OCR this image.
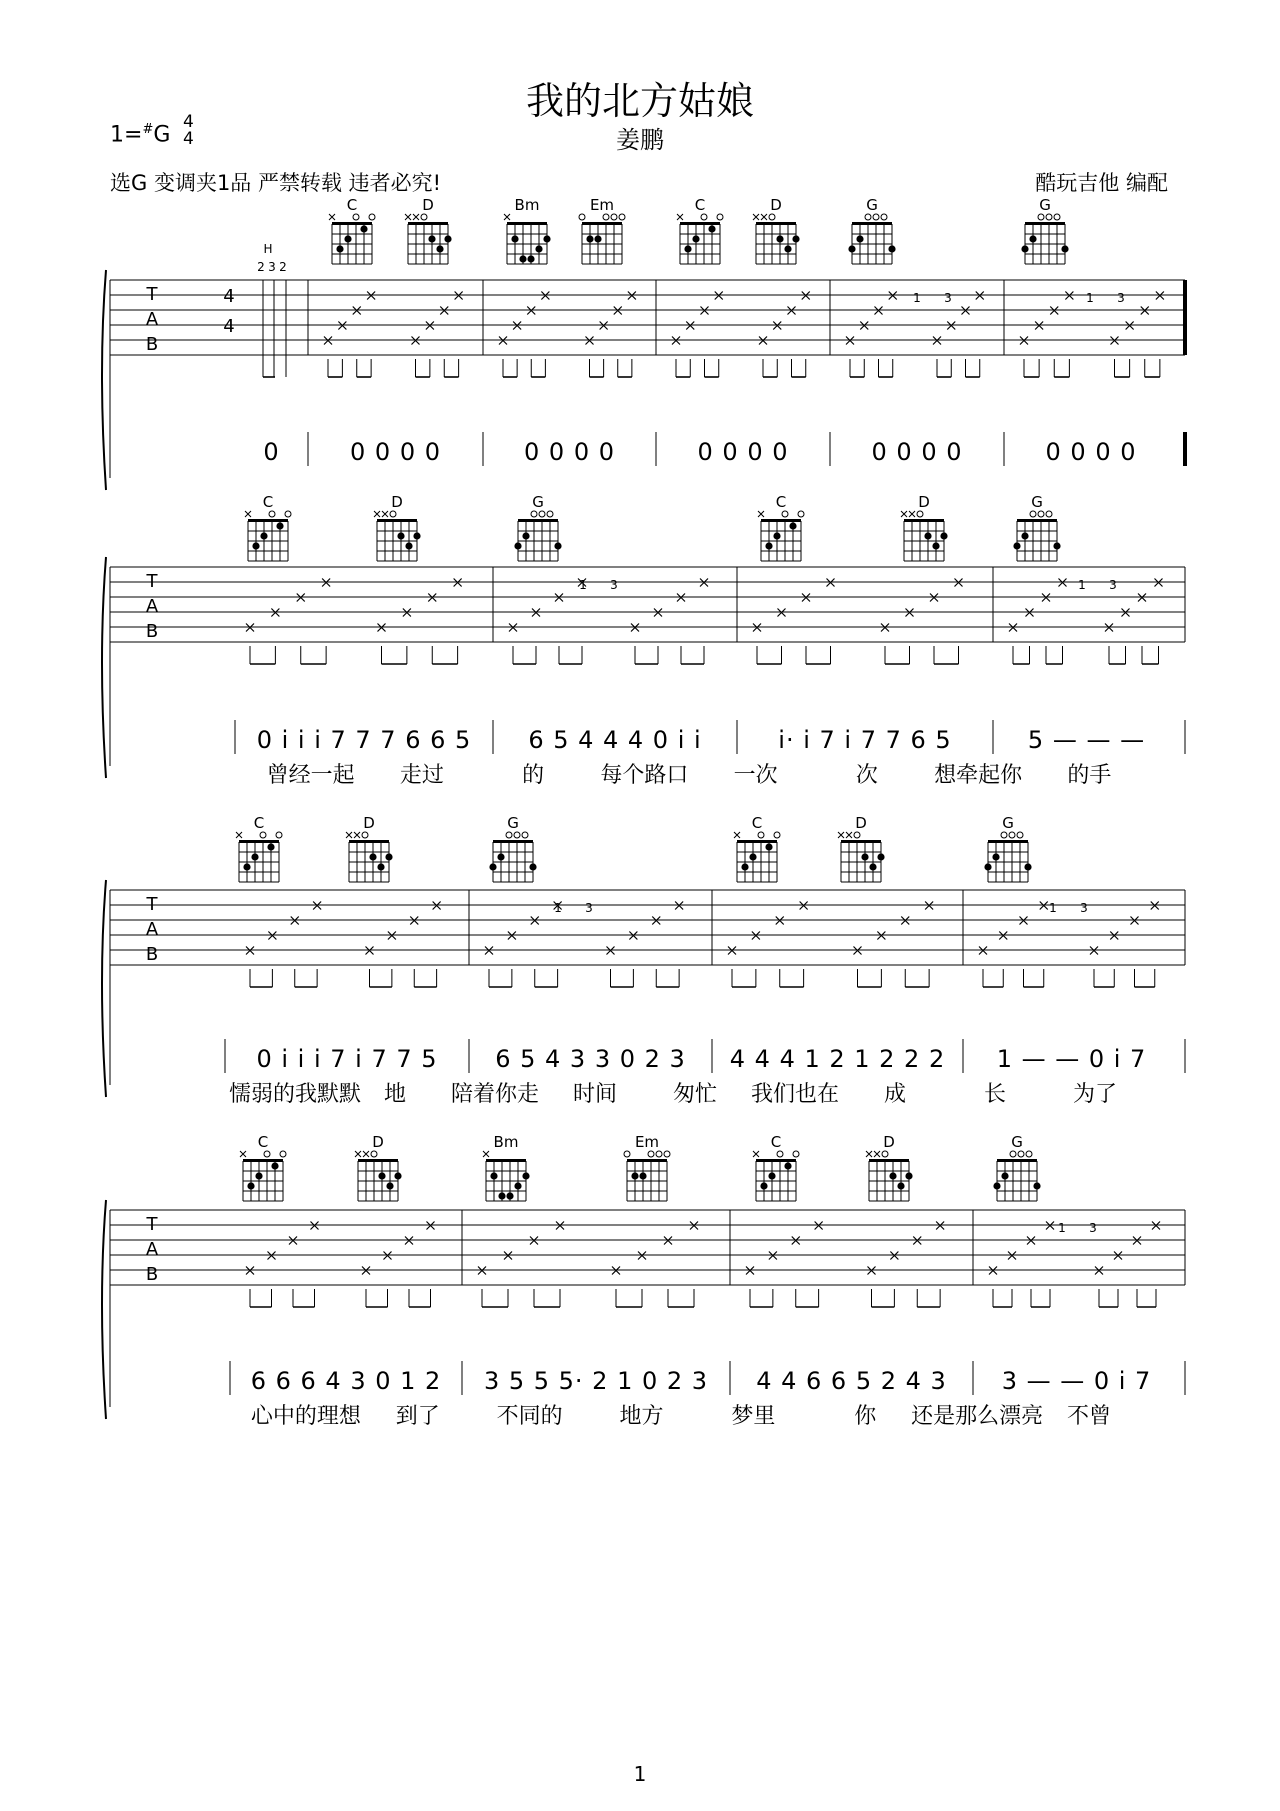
我的北方姑娘
姜鹏
1=#G
4
4
选G 变调夹1品 严禁转载 违者必究!	酷玩吉他 编配
C	D	Bm	Em	C	D	G	G
T
A
B
4
4
H
2 3 2
1 3	1 3
0	0 0 0 0	0 0 0 0	0 0 0 0	0 0 0 0	0 0 0 0
C	D	G	C	D	G
T
A
B
1 3	1 3
0 i i i 7 7 7 6 6 5 6 5 4 4 4 0 i i	i· i 7 i 7 7 6 5	5 — — —
曾经一起 走过	的	每个路口 一次	次	想牵起你 的手
C	D	G	C	D	G
T
A
B
1 3	1 3
0 i i i 7 i 7 7 5 6 5 4 3 3 0 2 3 4 4 4 1 2 1 2 2 2 1 — — 0 i 7
懦弱的我默默 地 陪着你走 时间	匆忙 我们也在 成	长	为了
C	D	Bm	Em	C	D	G
T
A
B
1 3
6 6 6 4 3 0 1 2 3 5 5 5· 2 1 0 2 3 4 4 6 6 5 2 4 3 3 — — 0 i 7
心中的理想 到了	不同的	地方	梦里	你 还是那么漂亮 不曾
1
